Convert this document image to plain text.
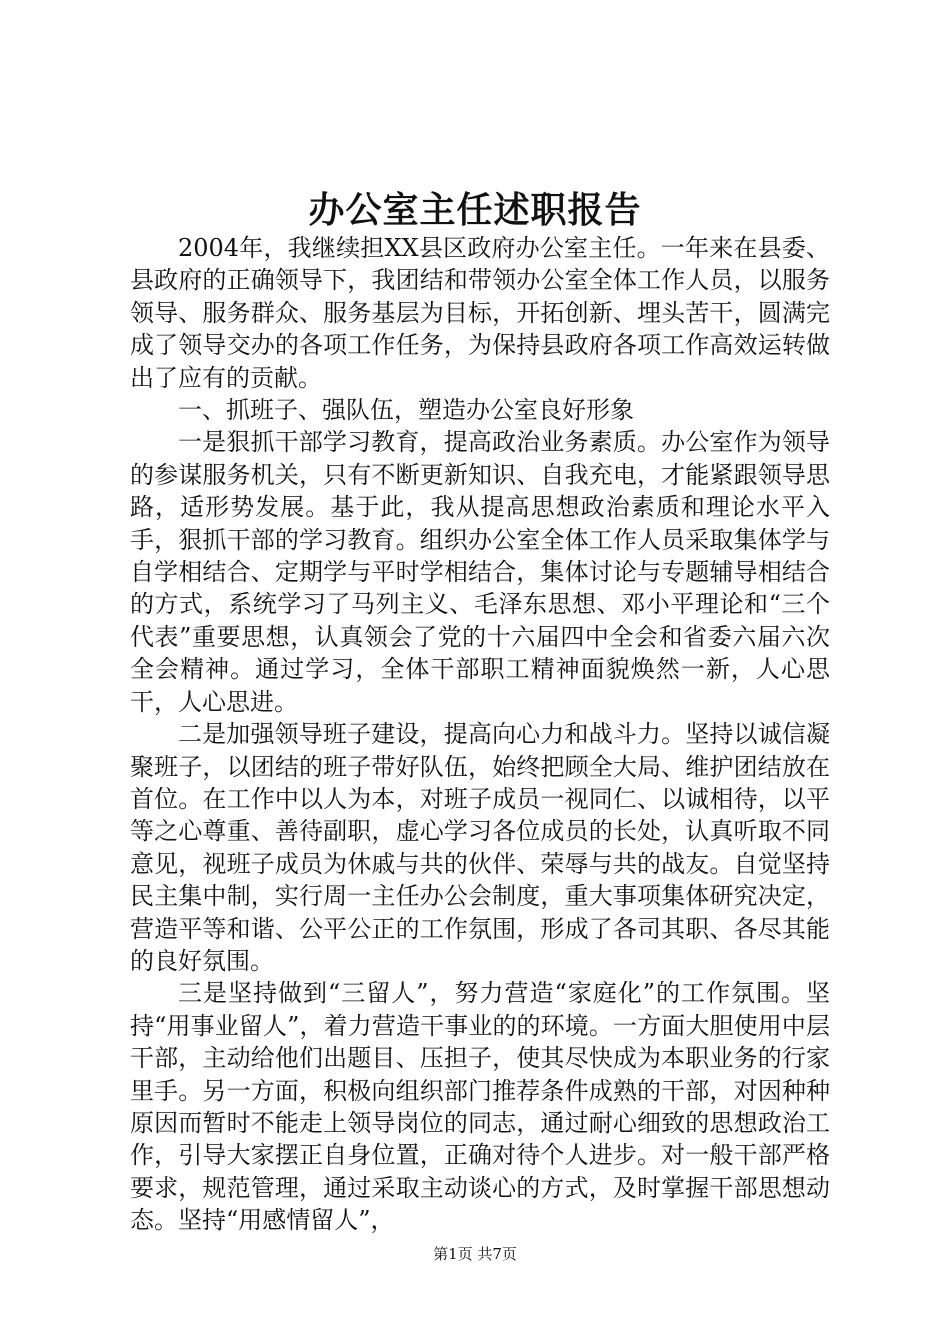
办公室主任述职报告

2004年，我继续担XX县区政府办公室主任。一年来在县委、县政府的正确领导下，我团结和带领办公室全体工作人员，以服务领导、服务群众、服务基层为目标，开拓创新、埋头苦干，圆满完成了领导交办的各项工作任务，为保持县政府各项工作高效运转做出了应有的贡献。

一、抓班子、强队伍，塑造办公室良好形象

一是狠抓干部学习教育，提高政治业务素质。办公室作为领导的参谋服务机关，只有不断更新知识、自我充电，才能紧跟领导思路，适形势发展。基于此，我从提高思想政治素质和理论水平入手，狠抓干部的学习教育。组织办公室全体工作人员采取集体学与自学相结合、定期学与平时学相结合，集体讨论与专题辅导相结合的方式，系统学习了马列主义、毛泽东思想、邓小平理论和“三个代表”重要思想，认真领会了党的十六届四中全会和省委六届六次全会精神。通过学习，全体干部职工精神面貌焕然一新，人心思干，人心思进。

二是加强领导班子建设，提高向心力和战斗力。坚持以诚信凝聚班子，以团结的班子带好队伍，始终把顾全大局、维护团结放在首位。在工作中以人为本，对班子成员一视同仁、以诚相待，以平等之心尊重、善待副职，虚心学习各位成员的长处，认真听取不同意见，视班子成员为休戚与共的伙伴、荣辱与共的战友。自觉坚持民主集中制，实行周一主任办公会制度，重大事项集体研究决定，营造平等和谐、公平公正的工作氛围，形成了各司其职、各尽其能的良好氛围。

三是坚持做到“三留人”，努力营造“家庭化”的工作氛围。坚持“用事业留人”，着力营造干事业的的环境。一方面大胆使用中层干部，主动给他们出题目、压担子，使其尽快成为本职业务的行家里手。另一方面，积极向组织部门推荐条件成熟的干部，对因种种原因而暂时不能走上领导岗位的同志，通过耐心细致的思想政治工作，引导大家摆正自身位置，正确对待个人进步。对一般干部严格要求，规范管理，通过采取主动谈心的方式，及时掌握干部思想动态。坚持“用感情留人”，

第1页 共7页
